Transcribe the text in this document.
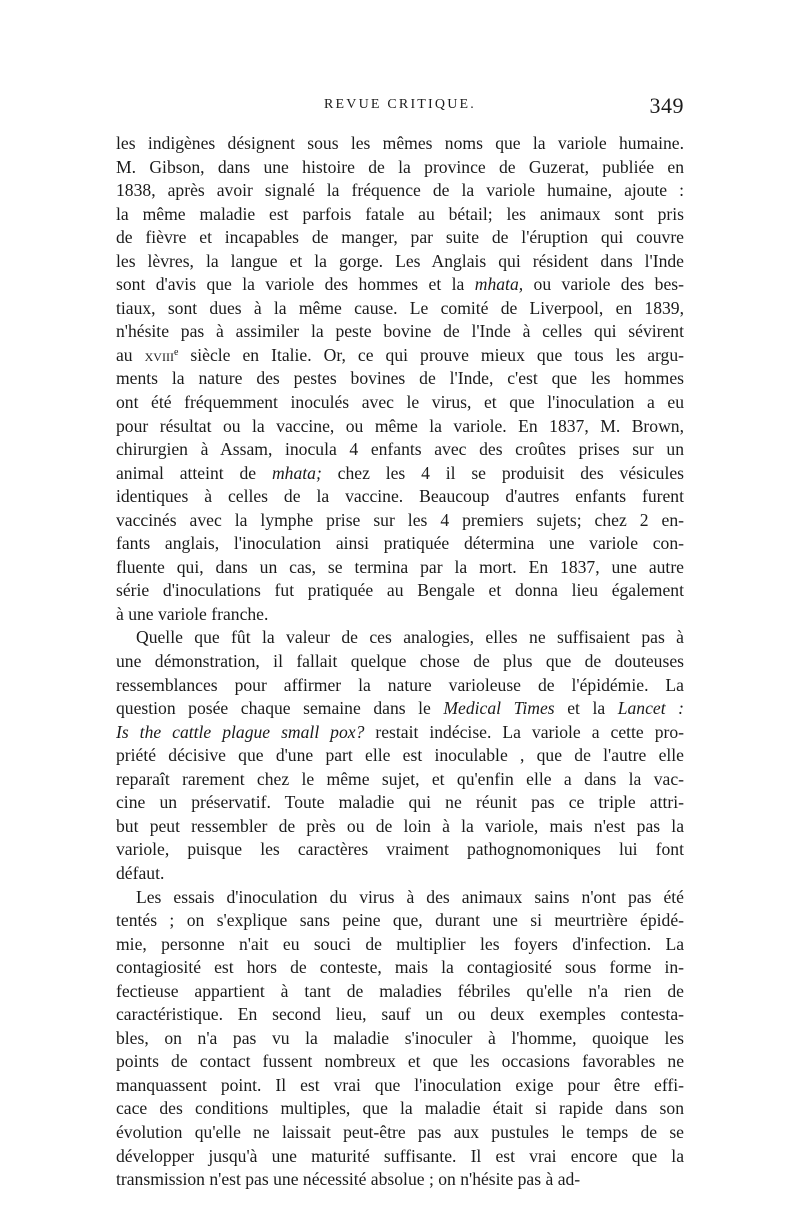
REVUE CRITIQUE.	349
les indigènes désignent sous les mêmes noms que la variole humaine.
M. Gibson, dans une histoire de la province de Guzerat, publiée en
1838, après avoir signalé la fréquence de la variole humaine, ajoute :
la même maladie est parfois fatale au bétail; les animaux sont pris
de fièvre et incapables de manger, par suite de l'éruption qui couvre
les lèvres, la langue et la gorge. Les Anglais qui résident dans l'Inde
sont d'avis que la variole des hommes et la mhata, ou variole des bes-
tiaux, sont dues à la même cause. Le comité de Liverpool, en 1839,
n'hésite pas à assimiler la peste bovine de l'Inde à celles qui sévirent
au xviii$^e$ siècle en Italie. Or, ce qui prouve mieux que tous les argu-
ments la nature des pestes bovines de l'Inde, c'est que les hommes
ont été fréquemment inoculés avec le virus, et que l'inoculation a eu
pour résultat ou la vaccine, ou même la variole. En 1837, M. Brown,
chirurgien à Assam, inocula 4 enfants avec des croûtes prises sur un
animal atteint de mhata; chez les 4 il se produisit des vésicules
identiques à celles de la vaccine. Beaucoup d'autres enfants furent
vaccinés avec la lymphe prise sur les 4 premiers sujets; chez 2 en-
fants anglais, l'inoculation ainsi pratiquée détermina une variole con-
fluente qui, dans un cas, se termina par la mort. En 1837, une autre
série d'inoculations fut pratiquée au Bengale et donna lieu également
à une variole franche.
Quelle que fût la valeur de ces analogies, elles ne suffisaient pas à
une démonstration, il fallait quelque chose de plus que de douteuses
ressemblances pour affirmer la nature varioleuse de l'épidémie. La
question posée chaque semaine dans le Medical Times et la Lancet :
Is the cattle plague small pox? restait indécise. La variole a cette pro-
priété décisive que d'une part elle est inoculable , que de l'autre elle
reparaît rarement chez le même sujet, et qu'enfin elle a dans la vac-
cine un préservatif. Toute maladie qui ne réunit pas ce triple attri-
but peut ressembler de près ou de loin à la variole, mais n'est pas la
variole, puisque les caractères vraiment pathognomoniques lui font
défaut.
Les essais d'inoculation du virus à des animaux sains n'ont pas été
tentés ; on s'explique sans peine que, durant une si meurtrière épidé-
mie, personne n'ait eu souci de multiplier les foyers d'infection. La
contagiosité est hors de conteste, mais la contagiosité sous forme in-
fectieuse appartient à tant de maladies fébriles qu'elle n'a rien de
caractéristique. En second lieu, sauf un ou deux exemples contesta-
bles, on n'a pas vu la maladie s'inoculer à l'homme, quoique les
points de contact fussent nombreux et que les occasions favorables ne
manquassent point. Il est vrai que l'inoculation exige pour être effi-
cace des conditions multiples, que la maladie était si rapide dans son
évolution qu'elle ne laissait peut-être pas aux pustules le temps de se
développer jusqu'à une maturité suffisante. Il est vrai encore que la
transmission n'est pas une nécessité absolue ; on n'hésite pas à ad-
